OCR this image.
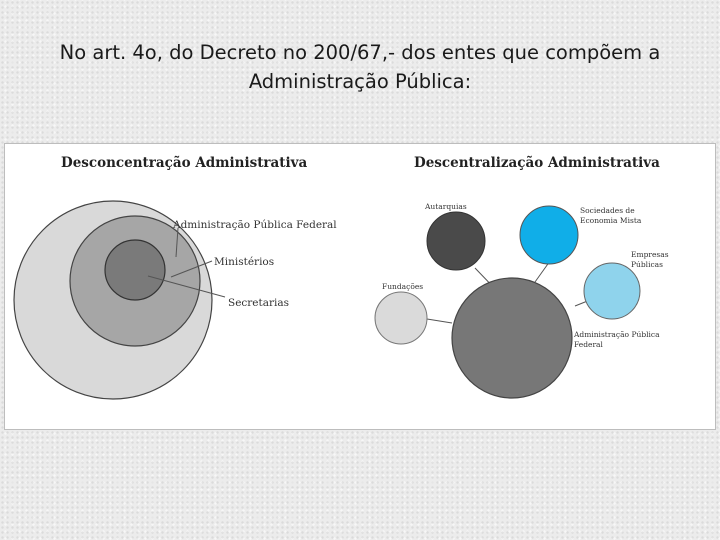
No art. 4o, do Decreto no 200/67,- dos entes que compõem a
Administração Pública:
Desconcentração Administrativa
Administração Pública Federal
Ministérios
Secretarias
Descentralização Administrativa
Autarquias	Sociedades de
Economia Mista
Empresas
Públicas
Fundações
Administração Pública
Federal
